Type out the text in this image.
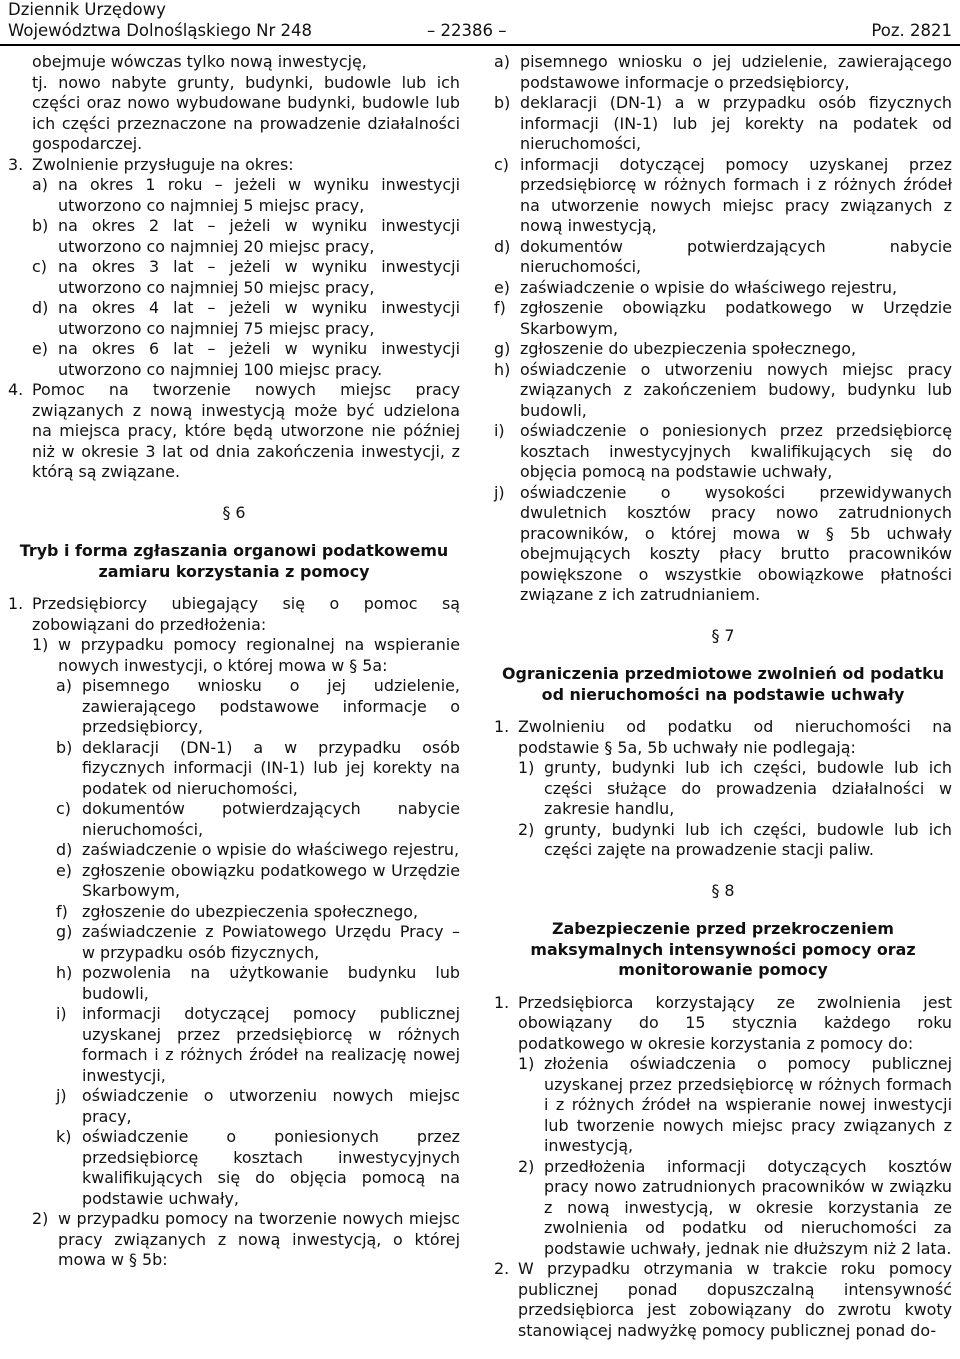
Dziennik Urzędowy
Województwa Dolnośląskiego Nr 248	– 22386 –	Poz. 2821
obejmuje wówczas tylko nową inwestycję,
tj. nowo nabyte grunty, budynki, budowle lub ich części oraz nowo wybudowane budynki, budowle lub ich części przeznaczone na prowadzenie działalności gospodarczej.
3. Zwolnienie przysługuje na okres:
a) na okres 1 roku – jeżeli w wyniku inwestycji utworzono co najmniej 5 miejsc pracy,
b) na okres 2 lat – jeżeli w wyniku inwestycji utworzono co najmniej 20 miejsc pracy,
c) na okres 3 lat – jeżeli w wyniku inwestycji utworzono co najmniej 50 miejsc pracy,
d) na okres 4 lat – jeżeli w wyniku inwestycji utworzono co najmniej 75 miejsc pracy,
e) na okres 6 lat – jeżeli w wyniku inwestycji utworzono co najmniej 100 miejsc pracy.
4. Pomoc na tworzenie nowych miejsc pracy związanych z nową inwestycją może być udzielona na miejsca pracy, które będą utworzone nie później niż w okresie 3 lat od dnia zakończenia inwestycji, z którą są związane.
§ 6
Tryb i forma zgłaszania organowi podatkowemu zamiaru korzystania z pomocy
1. Przedsiębiorcy ubiegający się o pomoc są zobowiązani do przedłożenia:
1) w przypadku pomocy regionalnej na wspieranie nowych inwestycji, o której mowa w § 5a:
a) pisemnego wniosku o jej udzielenie, zawierającego podstawowe informacje o przedsiębiorcy,
b) deklaracji (DN-1) a w przypadku osób fizycznych informacji (IN-1) lub jej korekty na podatek od nieruchomości,
c) dokumentów potwierdzających nabycie nieruchomości,
d) zaświadczenie o wpisie do właściwego rejestru,
e) zgłoszenie obowiązku podatkowego w Urzędzie Skarbowym,
f) zgłoszenie do ubezpieczenia społecznego,
g) zaświadczenie z Powiatowego Urzędu Pracy – w przypadku osób fizycznych,
h) pozwolenia na użytkowanie budynku lub budowli,
i) informacji dotyczącej pomocy publicznej uzyskanej przez przedsiębiorcę w różnych formach i z różnych źródeł na realizację nowej inwestycji,
j) oświadczenie o utworzeniu nowych miejsc pracy,
k) oświadczenie o poniesionych przez przedsiębiorcę kosztach inwestycyjnych kwalifikujących się do objęcia pomocą na podstawie uchwały,
2) w przypadku pomocy na tworzenie nowych miejsc pracy związanych z nową inwestycją, o której mowa w § 5b:
a) pisemnego wniosku o jej udzielenie, zawierającego podstawowe informacje o przedsiębiorcy,
b) deklaracji (DN-1) a w przypadku osób fizycznych informacji (IN-1) lub jej korekty na podatek od nieruchomości,
c) informacji dotyczącej pomocy uzyskanej przez przedsiębiorcę w różnych formach i z różnych źródeł na utworzenie nowych miejsc pracy związanych z nową inwestycją,
d) dokumentów potwierdzających nabycie nieruchomości,
e) zaświadczenie o wpisie do właściwego rejestru,
f) zgłoszenie obowiązku podatkowego w Urzędzie Skarbowym,
g) zgłoszenie do ubezpieczenia społecznego,
h) oświadczenie o utworzeniu nowych miejsc pracy związanych z zakończeniem budowy, budynku lub budowli,
i) oświadczenie o poniesionych przez przedsiębiorcę kosztach inwestycyjnych kwalifikujących się do objęcia pomocą na podstawie uchwały,
j) oświadczenie o wysokości przewidywanych dwuletnich kosztów pracy nowo zatrudnionych pracowników, o której mowa w § 5b uchwały obejmujących koszty płacy brutto pracowników powiększone o wszystkie obowiązkowe płatności związane z ich zatrudnianiem.
§ 7
Ograniczenia przedmiotowe zwolnień od podatku od nieruchomości na podstawie uchwały
1. Zwolnieniu od podatku od nieruchomości na podstawie § 5a, 5b uchwały nie podlegają:
1) grunty, budynki lub ich części, budowle lub ich części służące do prowadzenia działalności w zakresie handlu,
2) grunty, budynki lub ich części, budowle lub ich części zajęte na prowadzenie stacji paliw.
§ 8
Zabezpieczenie przed przekroczeniem maksymalnych intensywności pomocy oraz monitorowanie pomocy
1. Przedsiębiorca korzystający ze zwolnienia jest obowiązany do 15 stycznia każdego roku podatkowego w okresie korzystania z pomocy do:
1) złożenia oświadczenia o pomocy publicznej uzyskanej przez przedsiębiorcę w różnych formach i z różnych źródeł na wspieranie nowej inwestycji lub tworzenie nowych miejsc pracy związanych z inwestycją,
2) przedłożenia informacji dotyczących kosztów pracy nowo zatrudnionych pracowników w związku z nową inwestycją, w okresie korzystania ze zwolnienia od podatku od nieruchomości za podstawie uchwały, jednak nie dłuższym niż 2 lata.
2. W przypadku otrzymania w trakcie roku pomocy publicznej ponad dopuszczalną intensywność przedsiębiorca jest zobowiązany do zwrotu kwoty stanowiącej nadwyżkę pomocy publicznej ponad do-
